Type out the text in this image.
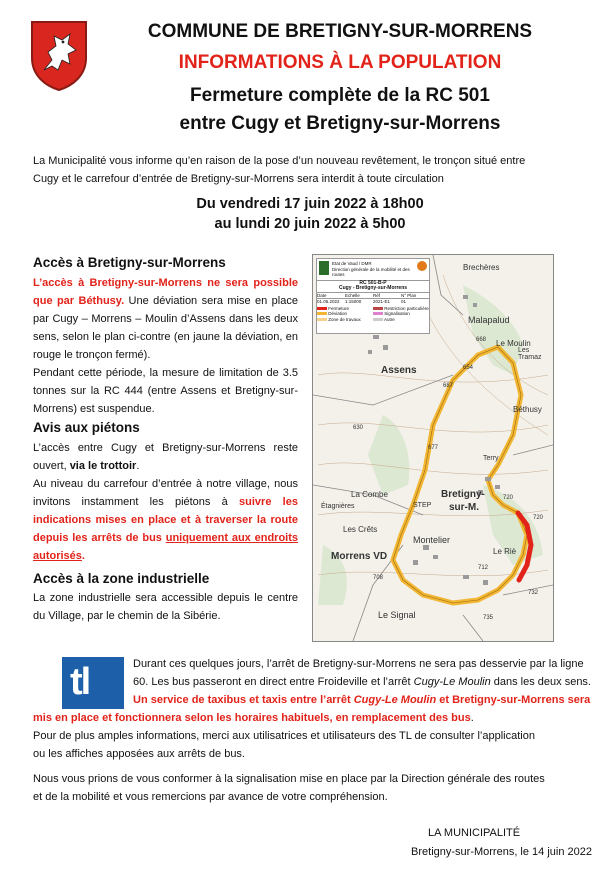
COMMUNE DE BRETIGNY-SUR-MORRENS
INFORMATIONS À LA POPULATION
Fermeture complète de la RC 501
entre Cugy et Bretigny-sur-Morrens
La Municipalité vous informe qu’en raison de la pose d’un nouveau revêtement, le tronçon situé entre
Cugy et le carrefour d’entrée de Bretigny-sur-Morrens sera interdit à toute circulation
Du vendredi 17 juin 2022 à 18h00
au lundi 20 juin 2022 à 5h00
Accès à Bretigny-sur-Morrens
L’accès à Bretigny-sur-Morrens ne sera possible que par Béthusy. Une déviation sera mise en place par Cugy – Morrens – Moulin d’Assens dans les deux sens, selon le plan ci-contre (en jaune la déviation, en rouge le tronçon fermé).
Pendant cette période, la mesure de limitation de 3.5 tonnes sur la RC 444 (entre Assens et Bretigny-sur-Morrens) est suspendue.
Avis aux piétons
L’accès entre Cugy et Bretigny-sur-Morrens reste ouvert, via le trottoir.
Au niveau du carrefour d’entrée à notre village, nous invitons instamment les piétons à suivre les indications mises en place et à traverser la route depuis les arrêts de bus uniquement aux endroits autorisés.
Accès à la zone industrielle
La zone industrielle sera accessible depuis le centre du Village, par le chemin de la Sibérie.
Etat de Vaud / DMR
Direction générale de la mobilité et des routes
RC 501-B-P
Cugy - Bretigny-sur-Morrens
Date	Echelle	Réf	N° Plan
01.06.2022	1:15000	2021-E1	01
Fermeture	Restriction particulière
Déviation	Signalisation
Zone de travaux	Autre
Brechères
Malapalud
Le Moulin
Les Tramaz
Assens
Béthusy
La Combe
Étagnières
Bretigny-
sur-M.
STEP
Terry
Les Crêts
Morrens VD
Montelier
Le Riè
Le Signal
668
654
687
630
677
720
712
720
732
708
735
tl	Durant ces quelques jours, l’arrêt de Bretigny-sur-Morrens ne sera pas desservie par la ligne
60. Les bus passeront en direct entre Froideville et l’arrêt Cugy-Le Moulin dans les deux sens.
Un service de taxibus et taxis entre l’arrêt Cugy-Le Moulin et Bretigny-sur-Morrens sera
mis en place et fonctionnera selon les horaires habituels, en remplacement des bus.
Pour de plus amples informations, merci aux utilisatrices et utilisateurs des TL de consulter l’application
ou les affiches apposées aux arrêts de bus.
Nous vous prions de vous conformer à la signalisation mise en place par la Direction générale des routes
et de la mobilité et vous remercions par avance de votre compréhension.
LA MUNICIPALITÉ
Bretigny-sur-Morrens, le 14 juin 2022
